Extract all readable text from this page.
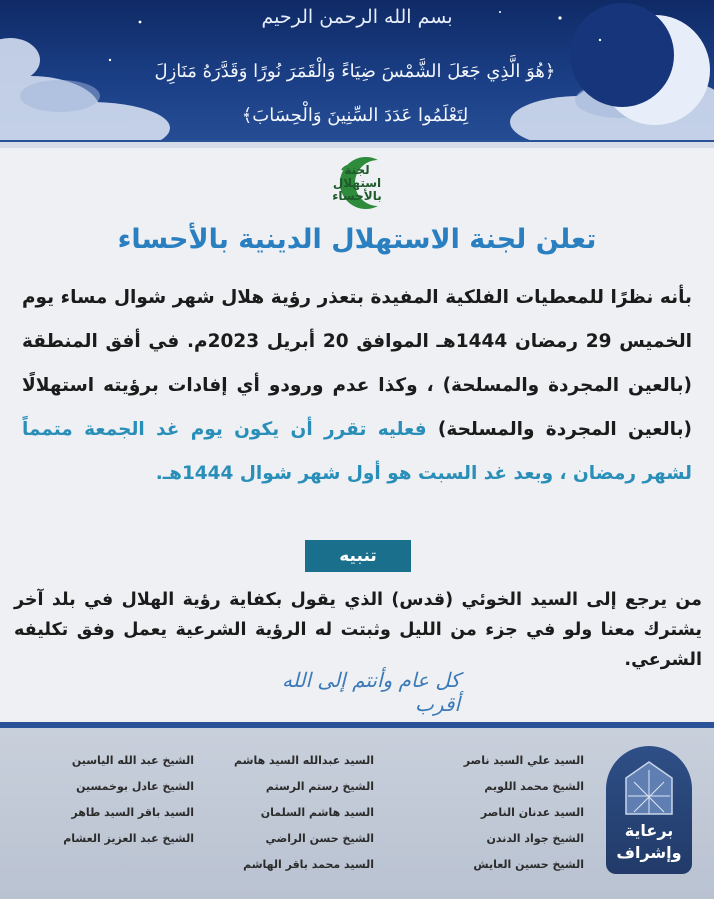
بسم الله الرحمن الرحيم
﴿هُوَ الَّذِي جَعَلَ الشَّمْسَ ضِيَاءً وَالْقَمَرَ نُورًا وَقَدَّرَهُ مَنَازِلَ
لِتَعْلَمُوا عَدَدَ السِّنِينَ وَالْحِسَابَ﴾
لجنة
استهلال
بالأحساء
تعلن لجنة الاستهلال الدينية بالأحساء
بأنه نظرًا للمعطيات الفلكية المفيدة بتعذر رؤية هلال شهر شوال مساء يوم الخميس 29 رمضان 1444هـ الموافق 20 أبريل 2023م. في أفق المنطقة (بالعين المجردة والمسلحة) ، وكذا عدم ورودو أي إفادات برؤيته استهلالًا (بالعين المجردة والمسلحة) فعليه تقرر أن يكون يوم غد الجمعة متمماً لشهر رمضان ، وبعد غد السبت هو أول شهر شوال 1444هـ.
تنبيه
من يرجع إلى السيد الخوئي (قدس) الذي يقول بكفاية رؤية الهلال في بلد آخر يشترك معنا ولو في جزء من الليل وثبتت له الرؤية الشرعية يعمل وفق تكليفه الشرعي.
كل عام وأنتم إلى الله أقرب
برعاية
وإشراف
السيد علي السيد ناصر
الشيخ محمد اللويم
السيد عدنان الناصر
الشيخ جواد الدندن
الشيخ حسين العايش
السيد عبدالله السيد هاشم
الشيخ رستم الرستم
السيد هاشم السلمان
الشيخ حسن الراضي
السيد محمد باقر الهاشم
الشيخ عبد الله الياسين
الشيخ عادل بوخمسين
السيد باقر السيد طاهر
الشيخ عبد العزيز العشام
